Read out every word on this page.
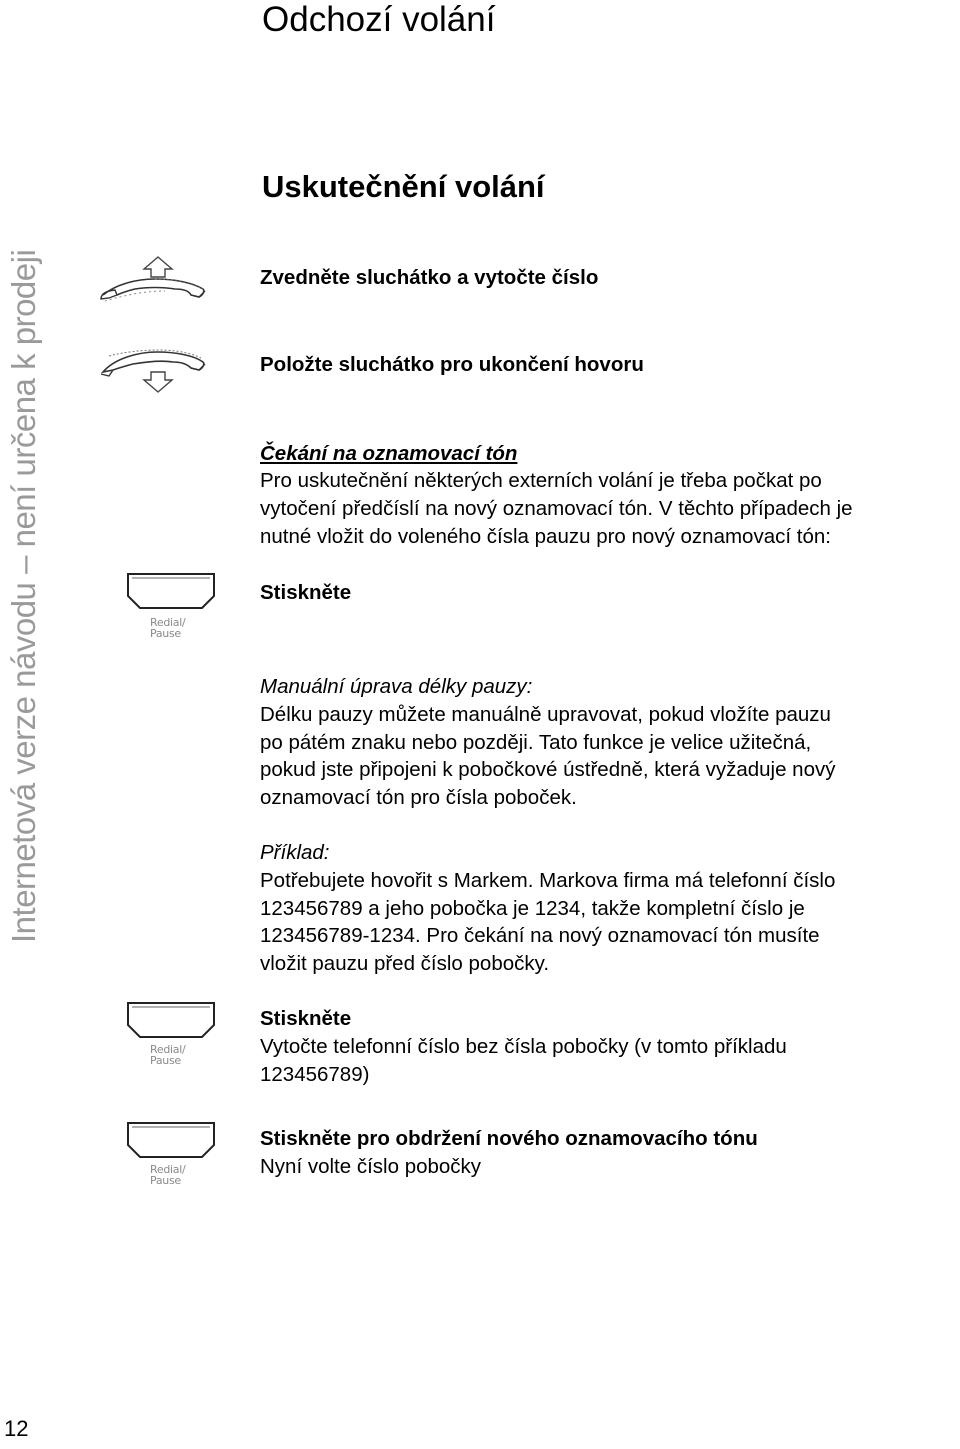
Internetová verze návodu – není určena k prodeji
12
Odchozí volání
Uskutečnění volání
Zvedněte sluchátko a vytočte číslo
Položte sluchátko pro ukončení hovoru
Čekání na oznamovací tón
Pro uskutečnění některých externích volání je třeba počkat po
vytočení předčíslí na nový oznamovací tón. V těchto případech je
nutné vložit do voleného čísla pauzu pro nový oznamovací tón:
Redial/
Pause
Stiskněte
Manuální úprava délky pauzy:
Délku pauzy můžete manuálně upravovat, pokud vložíte pauzu
po pátém znaku nebo později. Tato funkce je velice užitečná,
pokud jste připojeni k pobočkové ústředně, která vyžaduje nový
oznamovací tón pro čísla poboček.
Příklad:
Potřebujete hovořit s Markem. Markova firma má telefonní číslo
123456789 a jeho pobočka je 1234, takže kompletní číslo je
123456789-1234. Pro čekání na nový oznamovací tón musíte
vložit pauzu před číslo pobočky.
Redial/
Pause
Stiskněte
Vytočte telefonní číslo bez čísla pobočky (v tomto příkladu
123456789)
Redial/
Pause
Stiskněte pro obdržení nového oznamovacího tónu
Nyní volte číslo pobočky
